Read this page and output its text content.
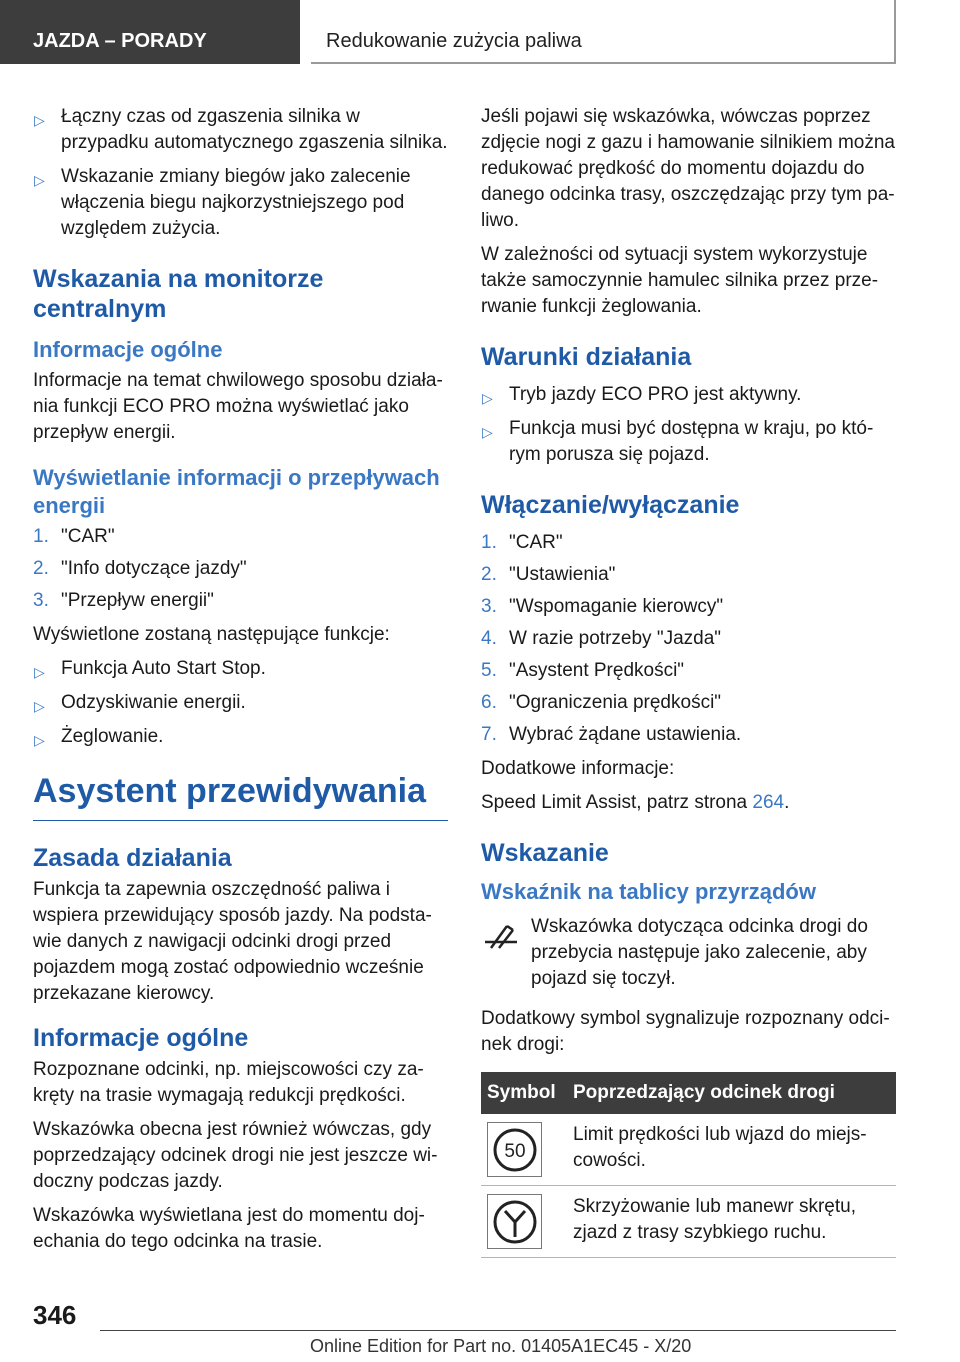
JAZDA – PORADY	Redukowanie zużycia paliwa
▷ Łączny czas od zgaszenia silnika w przypadku automatycznego zgaszenia silnika.
▷ Wskazanie zmiany biegów jako zalecenie włączenia biegu najkorzystniejszego pod względem zużycia.
Wskazania na monitorze centralnym
Informacje ogólne

Informacje na temat chwilowego sposobu działania funkcji ECO PRO można wyświetlać jako przepływ energii.

Wyświetlanie informacji o przepływach energii
1. "CAR"
2. "Info dotyczące jazdy"
3. "Przepływ energii"

Wyświetlone zostaną następujące funkcje:

▷ Funkcja Auto Start Stop.
▷ Odzyskiwanie energii.
▷ Żeglowanie.
Asystent przewidywania
Zasada działania

Funkcja ta zapewnia oszczędność paliwa i wspiera przewidujący sposób jazdy. Na podstawie danych z nawigacji odcinki drogi przed pojazdem mogą zostać odpowiednio wcześnie przekazane kierowcy.

Informacje ogólne

Rozpoznane odcinki, np. miejscowości czy zakręty na trasie wymagają redukcji prędkości.

Wskazówka obecna jest również wówczas, gdy poprzedzający odcinek drogi nie jest jeszcze widoczny podczas jazdy.

Wskazówka wyświetlana jest do momentu dojechania do tego odcinka na trasie.

Jeśli pojawi się wskazówka, wówczas poprzez zdjęcie nogi z gazu i hamowanie silnikiem można redukować prędkość do momentu dojazdu do danego odcinka trasy, oszczędzając przy tym paliwo.

W zależności od sytuacji system wykorzystuje także samoczynnie hamulec silnika przez przerwanie funkcji żeglowania.

Warunki działania
▷ Tryb jazdy ECO PRO jest aktywny.
▷ Funkcja musi być dostępna w kraju, po którym porusza się pojazd.
Włączanie/wyłączanie
1. "CAR"
2. "Ustawienia"
3. "Wspomaganie kierowcy"
4. W razie potrzeby "Jazda"
5. "Asystent Prędkości"
6. "Ograniczenia prędkości"
7. Wybrać żądane ustawienia.

Dodatkowe informacje:

Speed Limit Assist, patrz strona 264.

Wskazanie
Wskaźnik na tablicy przyrządów

Wskazówka dotycząca odcinka drogi do przebycia następuje jako zalecenie, aby pojazd się toczył.

Dodatkowy symbol sygnalizuje rozpoznany odcinek drogi:

Symbol	Poprzedzający odcinek drogi

50	Limit prędkości lub wjazd do miejscowości.

	Skrzyżowanie lub manewr skrętu, zjazd z trasy szybkiego ruchu.
346
Online Edition for Part no. 01405A1EC45 - X/20
